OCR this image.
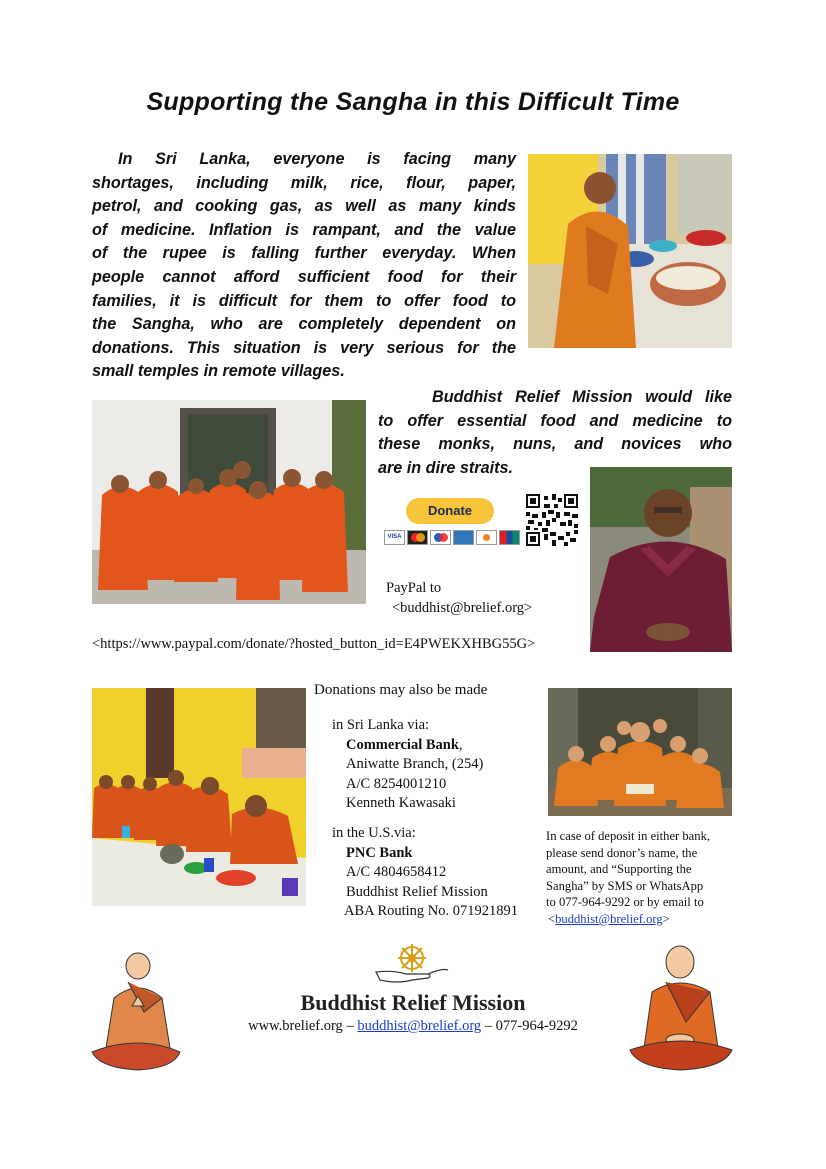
Supporting the Sangha in this Difficult Time

In Sri Lanka, everyone is facing many

shortages, including milk, rice, flour, paper,

petrol, and cooking gas, as well as many kinds

of medicine. Inflation is rampant, and the value

of the rupee is falling further everyday. When

people cannot afford sufficient food for their

families, it is difficult for them to offer food to

the Sangha, who are completely dependent on

donations. This situation is very serious for the

small temples in remote villages.

Buddhist Relief Mission would like

to offer essential food and medicine to

these monks, nuns, and novices who

are in dire straits.

Donate
VISA
PayPal to
<buddhist@brelief.org>
<https://www.paypal.com/donate/?hosted_button_id=E4PWEKXHBG55G>
Donations may also be made
in Sri Lanka via:
Commercial Bank,
Aniwatte Branch, (254)
A/C 8254001210
Kenneth Kawasaki
in the U.S.via:
PNC Bank
A/C 4804658412
Buddhist Relief Mission
ABA Routing No. 071921891
In case of deposit in either bank,
please send donor’s name, the
amount, and “Supporting the
Sangha” by SMS or WhatsApp
to 077-964-9292 or by email to
<buddhist@brelief.org>
Buddhist Relief Mission
www.brelief.org – buddhist@brelief.org – 077-964-9292
